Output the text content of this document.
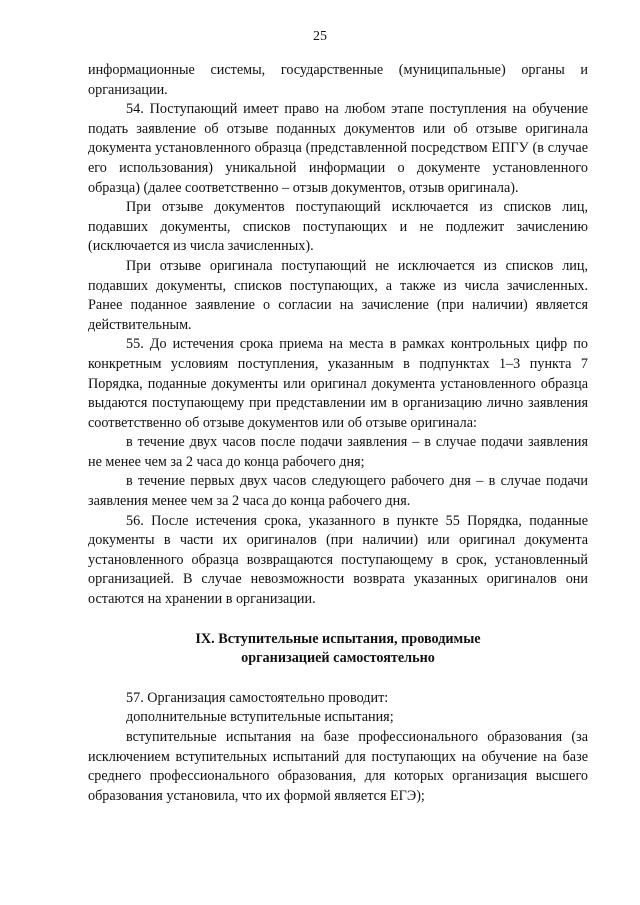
25

информационные системы, государственные (муниципальные) органы и организации.

54. Поступающий имеет право на любом этапе поступления на обучение подать заявление об отзыве поданных документов или об отзыве оригинала документа установленного образца (представленной посредством ЕПГУ (в случае его использования) уникальной информации о документе установленного образца) (далее соответственно – отзыв документов, отзыв оригинала).

При отзыве документов поступающий исключается из списков лиц, подавших документы, списков поступающих и не подлежит зачислению (исключается из числа зачисленных).

При отзыве оригинала поступающий не исключается из списков лиц, подавших документы, списков поступающих, а также из числа зачисленных. Ранее поданное заявление о согласии на зачисление (при наличии) является действительным.

55. До истечения срока приема на места в рамках контрольных цифр по конкретным условиям поступления, указанным в подпунктах 1–3 пункта 7 Порядка, поданные документы или оригинал документа установленного образца выдаются поступающему при представлении им в организацию лично заявления соответственно об отзыве документов или об отзыве оригинала:

в течение двух часов после подачи заявления – в случае подачи заявления не менее чем за 2 часа до конца рабочего дня;

в течение первых двух часов следующего рабочего дня – в случае подачи заявления менее чем за 2 часа до конца рабочего дня.

56. После истечения срока, указанного в пункте 55 Порядка, поданные документы в части их оригиналов (при наличии) или оригинал документа установленного образца возвращаются поступающему в срок, установленный организацией. В случае невозможности возврата указанных оригиналов они остаются на хранении в организации.

IX. Вступительные испытания, проводимые
организацией самостоятельно

57. Организация самостоятельно проводит:

дополнительные вступительные испытания;

вступительные испытания на базе профессионального образования (за исключением вступительных испытаний для поступающих на обучение на базе среднего профессионального образования, для которых организация высшего образования установила, что их формой является ЕГЭ);
